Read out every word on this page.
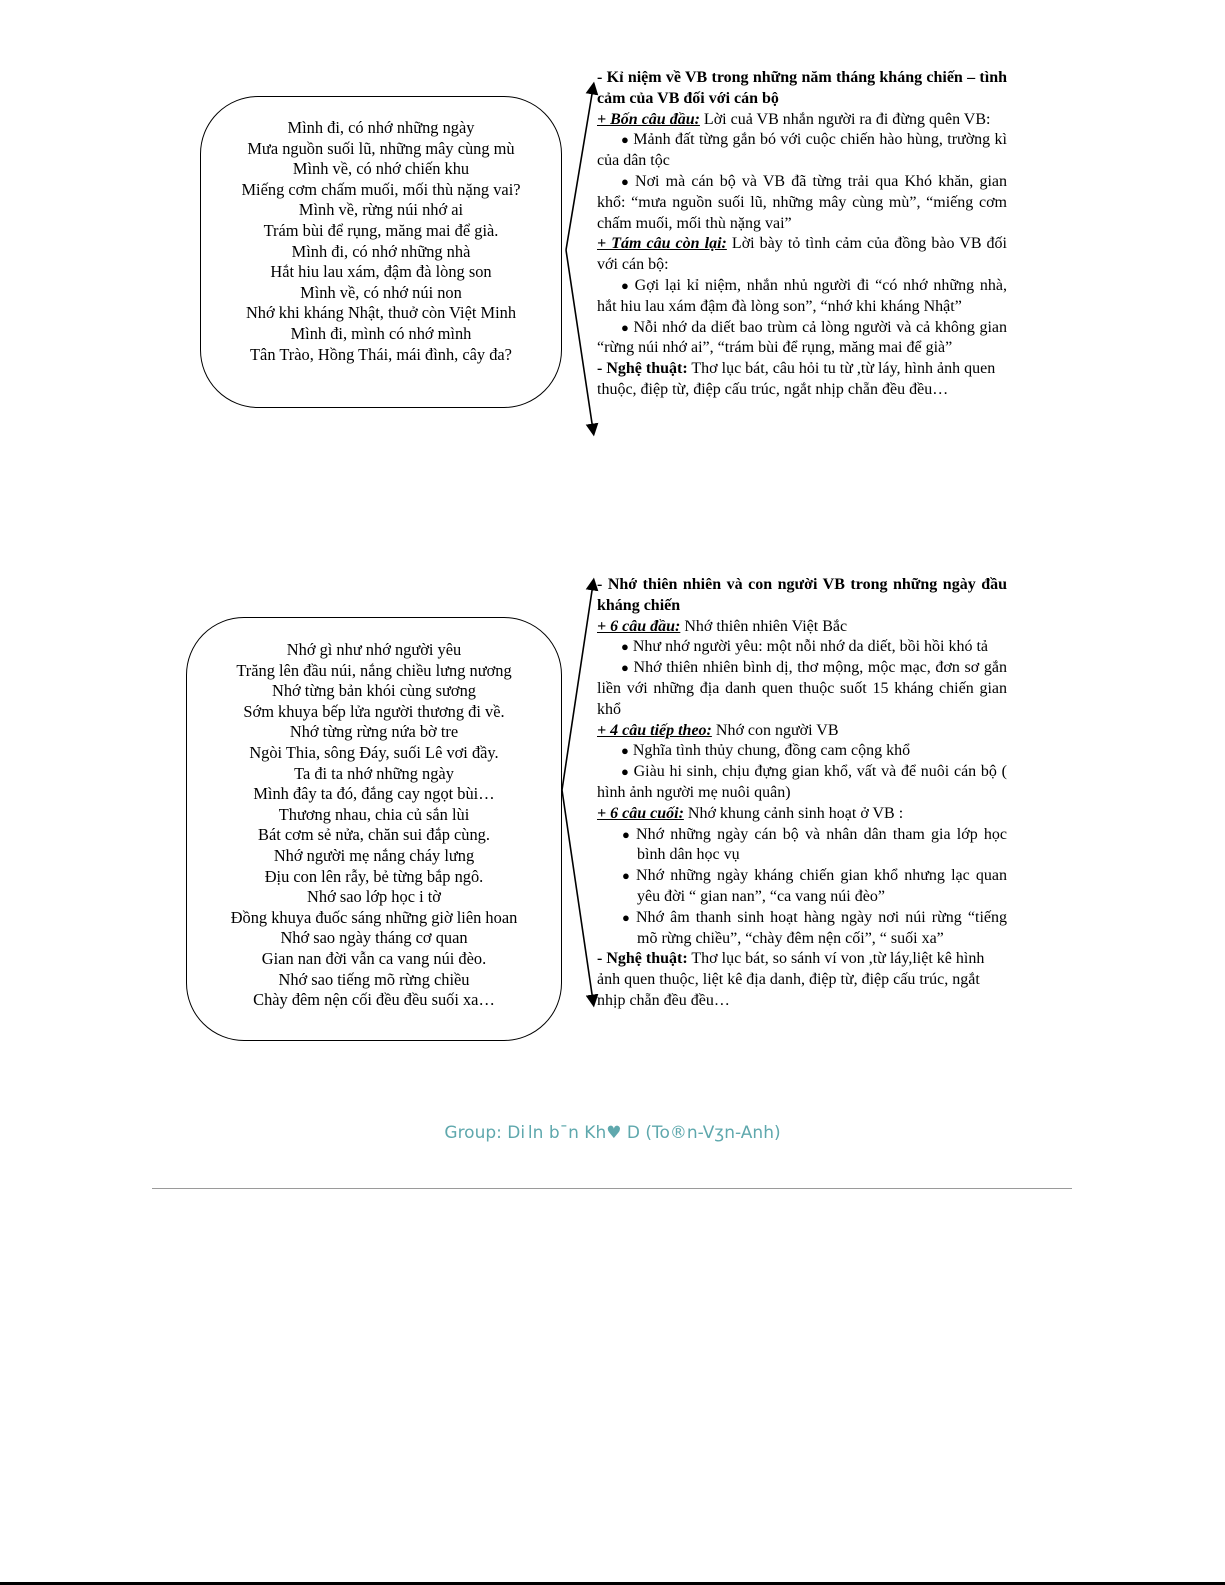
Mình đi, có nhớ những ngày
Mưa nguồn suối lũ, những mây cùng mù
Mình về, có nhớ chiến khu
Miếng cơm chấm muối, mối thù nặng vai?
Mình về, rừng núi nhớ ai
Trám bùi để rụng, măng mai để già.
Mình đi, có nhớ những nhà
Hắt hiu lau xám, đậm đà lòng son
Mình về, có nhớ núi non
Nhớ khi kháng Nhật, thuở còn Việt Minh
Mình đi, mình có nhớ mình
Tân Trào, Hồng Thái, mái đình, cây đa?

- Kỉ niệm về VB trong những năm tháng kháng chiến – tình cảm của VB đối với cán bộ

+ Bốn câu đầu: Lời cuả VB nhắn người ra đi đừng quên VB:

● Mảnh đất từng gắn bó với cuộc chiến hào hùng, trường kì của dân tộc

● Nơi mà cán bộ và VB đã từng trải qua Khó khăn, gian khổ: “mưa nguồn suối lũ, những mây cùng mù”, “miếng cơm chấm muối, mối thù nặng vai”

+ Tám câu còn lại: Lời bày tỏ tình cảm của đồng bào VB đối với cán bộ:

● Gợi lại kỉ niệm, nhắn nhủ người đi “có nhớ những nhà, hắt hiu lau xám đậm đà lòng son”, “nhớ khi kháng Nhật”

● Nỗi nhớ da diết bao trùm cả lòng người và cả không gian “rừng núi nhớ ai”, “trám bùi để rụng, măng mai để già”

- Nghệ thuật: Thơ lục bát, câu hỏi tu từ ,từ láy, hình ảnh quen thuộc, điệp từ, điệp cấu trúc, ngắt nhịp chẵn đều đều…

Nhớ gì như nhớ người yêu
Trăng lên đầu núi, nắng chiều lưng nương
Nhớ từng bản khói cùng sương
Sớm khuya bếp lửa người thương đi về.
Nhớ từng rừng nứa bờ tre
Ngòi Thia, sông Đáy, suối Lê vơi đầy.
Ta đi ta nhớ những ngày
Mình đây ta đó, đắng cay ngọt bùi…
Thương nhau, chia củ sắn lùi
Bát cơm sẻ nửa, chăn sui đắp cùng.
Nhớ người mẹ nắng cháy lưng
Địu con lên rẫy, bẻ từng bắp ngô.
Nhớ sao lớp học i tờ
Đồng khuya đuốc sáng những giờ liên hoan
Nhớ sao ngày tháng cơ quan
Gian nan đời vẫn ca vang núi đèo.
Nhớ sao tiếng mõ rừng chiều
Chày đêm nện cối đều đều suối xa…

- Nhớ thiên nhiên và con người VB trong những ngày đầu kháng chiến

+ 6 câu đầu: Nhớ thiên nhiên Việt Bắc

● Như nhớ người yêu: một nỗi nhớ da diết, bồi hồi khó tả

● Nhớ thiên nhiên bình dị, thơ mộng, mộc mạc, đơn sơ gắn liền với những địa danh quen thuộc suốt 15 kháng chiến gian khổ

+ 4 câu tiếp theo: Nhớ con người VB

● Nghĩa tình thủy chung, đồng cam cộng khổ

● Giàu hi sinh, chịu đựng gian khổ, vất và để nuôi cán bộ ( hình ảnh người mẹ nuôi quân)

+ 6 câu cuối: Nhớ khung cảnh sinh hoạt ở VB :

● Nhớ những ngày cán bộ và nhân dân tham gia lớp học bình dân học vụ

● Nhớ những ngày kháng chiến gian khổ nhưng lạc quan yêu đời “ gian nan”, “ca vang núi đèo”

● Nhớ âm thanh sinh hoạt hàng ngày nơi núi rừng “tiếng mõ rừng chiều”, “chày đêm nện cối”, “ suối xa”

- Nghệ thuật: Thơ lục bát, so sánh ví von ,từ láy,liệt kê hình ảnh quen thuộc, liệt kê địa danh, điệp từ, điệp cấu trúc, ngắt nhịp chẵn đều đều…

Group: Di ln b¯n Kh♥ D (To®n-Vӡn-Anh)
